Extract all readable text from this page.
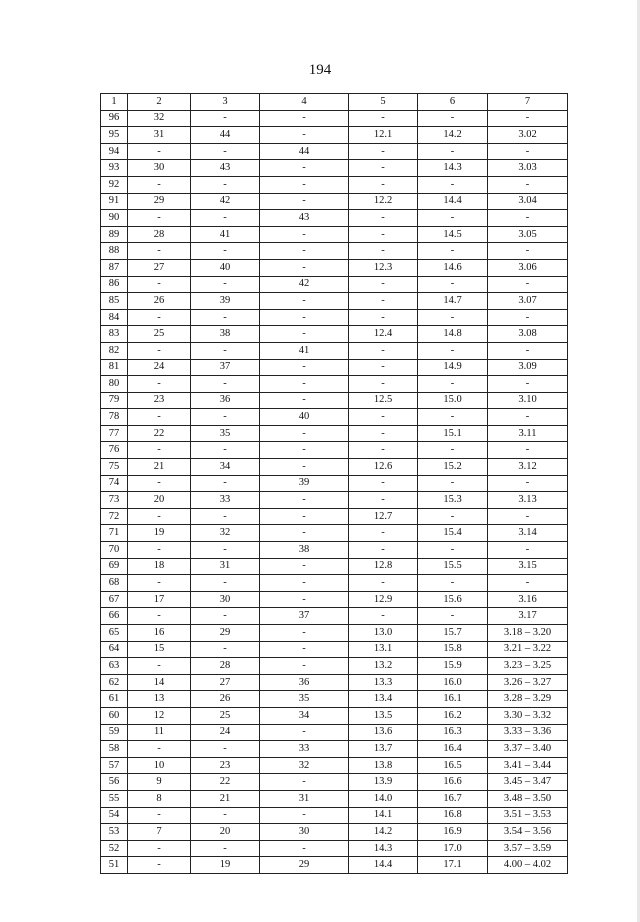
194
1	2	3	4	5	6	7
96	32	-	-	-	-	-
95	31	44	-	12.1	14.2	3.02
94	-	-	44	-	-	-
93	30	43	-	-	14.3	3.03
92	-	-	-	-	-	-
91	29	42	-	12.2	14.4	3.04
90	-	-	43	-	-	-
89	28	41	-	-	14.5	3.05
88	-	-	-	-	-	-
87	27	40	-	12.3	14.6	3.06
86	-	-	42	-	-	-
85	26	39	-	-	14.7	3.07
84	-	-	-	-	-	-
83	25	38	-	12.4	14.8	3.08
82	-	-	41	-	-	-
81	24	37	-	-	14.9	3.09
80	-	-	-	-	-	-
79	23	36	-	12.5	15.0	3.10
78	-	-	40	-	-	-
77	22	35	-	-	15.1	3.11
76	-	-	-	-	-	-
75	21	34	-	12.6	15.2	3.12
74	-	-	39	-	-	-
73	20	33	-	-	15.3	3.13
72	-	-	-	12.7	-	-
71	19	32	-	-	15.4	3.14
70	-	-	38	-	-	-
69	18	31	-	12.8	15.5	3.15
68	-	-	-	-	-	-
67	17	30	-	12.9	15.6	3.16
66	-	-	37	-	-	3.17
65	16	29	-	13.0	15.7	3.18 – 3.20
64	15	-	-	13.1	15.8	3.21 – 3.22
63	-	28	-	13.2	15.9	3.23 – 3.25
62	14	27	36	13.3	16.0	3.26 – 3.27
61	13	26	35	13.4	16.1	3.28 – 3.29
60	12	25	34	13.5	16.2	3.30 – 3.32
59	11	24	-	13.6	16.3	3.33 – 3.36
58	-	-	33	13.7	16.4	3.37 – 3.40
57	10	23	32	13.8	16.5	3.41 – 3.44
56	9	22	-	13.9	16.6	3.45 – 3.47
55	8	21	31	14.0	16.7	3.48 – 3.50
54	-	-	-	14.1	16.8	3.51 – 3.53
53	7	20	30	14.2	16.9	3.54 – 3.56
52	-	-	-	14.3	17.0	3.57 – 3.59
51	-	19	29	14.4	17.1	4.00 – 4.02
